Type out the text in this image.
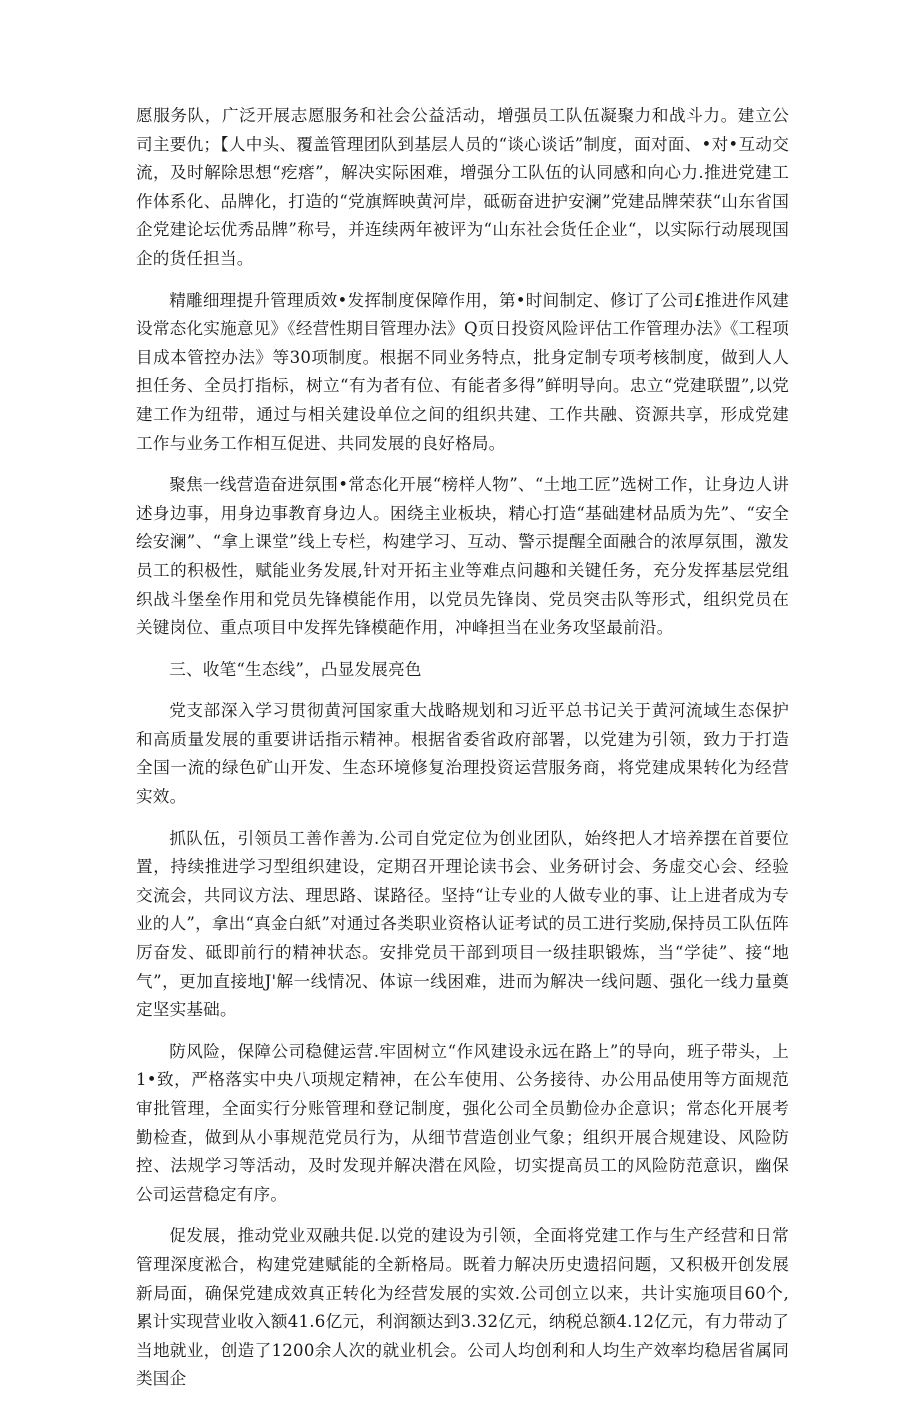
愿服务队，广泛开展志愿服务和社会公益活动，增强员工队伍凝聚力和战斗力。建立公司主要仇；【人中头、覆盖管理团队到基层人员的“谈心谈话”制度，面对面、•对•互动交流，及时解除思想“疙瘩”，解决实际困难，增强分工队伍的认同感和向心力.推进党建工作体系化、品牌化，打造的“党旗辉映黄河岸，砥砺奋进护安澜”党建品牌荣获“山东省国企党建论坛优秀品牌”称号，并连续两年被评为“山东社会货任企业“，以实际行动展现国企的货任担当。

精雕细理提升管理质效•发挥制度保障作用，第•时间制定、修订了公司£推进作风建设常态化实施意见》《经营性期目管理办法》Q页日投资风险评估工作管理办法》《工程项目成本管控办法》等30项制度。根据不同业务特点，批身定制专项考核制度，做到人人担任务、全员打指标，树立“有为者有位、有能者多得”鲜明导向。忠立“党建联盟”,以党建工作为纽带，通过与相关建设单位之间的组织共建、工作共融、资源共享，形成党建工作与业务工作相互促进、共同发展的良好格局。

聚焦一线营造奋进氛围•常态化开展“榜样人物”、“土地工匠”选树工作，让身边人讲述身边事，用身边事教育身边人。困绕主业板块，精心打造“基础建材品质为先”、“安全绘安澜”、“拿上课堂”线上专栏，构建学习、互动、警示提醒全面融合的浓厚氛围，激发员工的积极性，赋能业务发展,针对开拓主业等难点问趣和关键任务，充分发挥基层党组织战斗堡垒作用和党员先锋模能作用，以党员先锋岗、党员突击队等形式，组织党员在关键岗位、重点项目中发挥先锋模葩作用，冲峰担当在业务攻坚最前沿。

三、收笔“生态线”，凸显发展亮色

党支部深入学习贯彻黄河国家重大战略规划和习近平总书记关于黄河流域生态保护和高质量发展的重要讲话指示精神。根据省委省政府部署，以党建为引领，致力于打造全国一流的绿色矿山开发、生态环境修复治理投资运营服务商，将党建成果转化为经营实效。

抓队伍，引领员工善作善为.公司自党定位为创业团队，始终把人才培养摆在首要位置，持续推进学习型组织建设，定期召开理论读书会、业务研讨会、务虚交心会、经验交流会，共同议方法、理思路、谋路径。坚持“让专业的人做专业的事、让上进者成为专业的人”，拿出“真金白紙”对通过各类职业资格认证考试的员工进行奖励,保持员工队伍阵厉奋发、砥即前行的精神状态。安排党员干部到项目一级挂职锻炼，当“学徒”、接“地气”，更加直接地J'解一线情况、体谅一线困难，进而为解决一线问题、强化一线力量奠定坚实基础。

防风险，保障公司稳健运营.牢固树立“作风建设永远在路上”的导向，班子带头，上1•致，严格落实中央八项规定精神，在公车使用、公务接待、办公用品使用等方面规范审批管理，全面实行分账管理和登记制度，强化公司全员勤俭办企意识；常态化开展考勤检查，做到从小事规范党员行为，从细节营造创业气象；组织开展合规建设、风险防控、法规学习等活动，及时发现并解决潜在风险，切实提高员工的风险防范意识，幽保公司运营稳定有序。

促发展，推动党业双融共促.以党的建设为引领，全面将党建工作与生产经营和日常管理深度淞合，构建党建赋能的全新格局。既着力解决历史遗招问题，又积极开创发展新局面，确保党建成效真正转化为经营发展的实效.公司创立以来，共计实施项目60个,累计实现营业收入额41.6亿元，利润额达到3.32亿元，纳税总额4.12亿元，有力带动了当地就业，创造了1200余人次的就业机会。公司人均创利和人均生产效率均稳居省属同类国企
